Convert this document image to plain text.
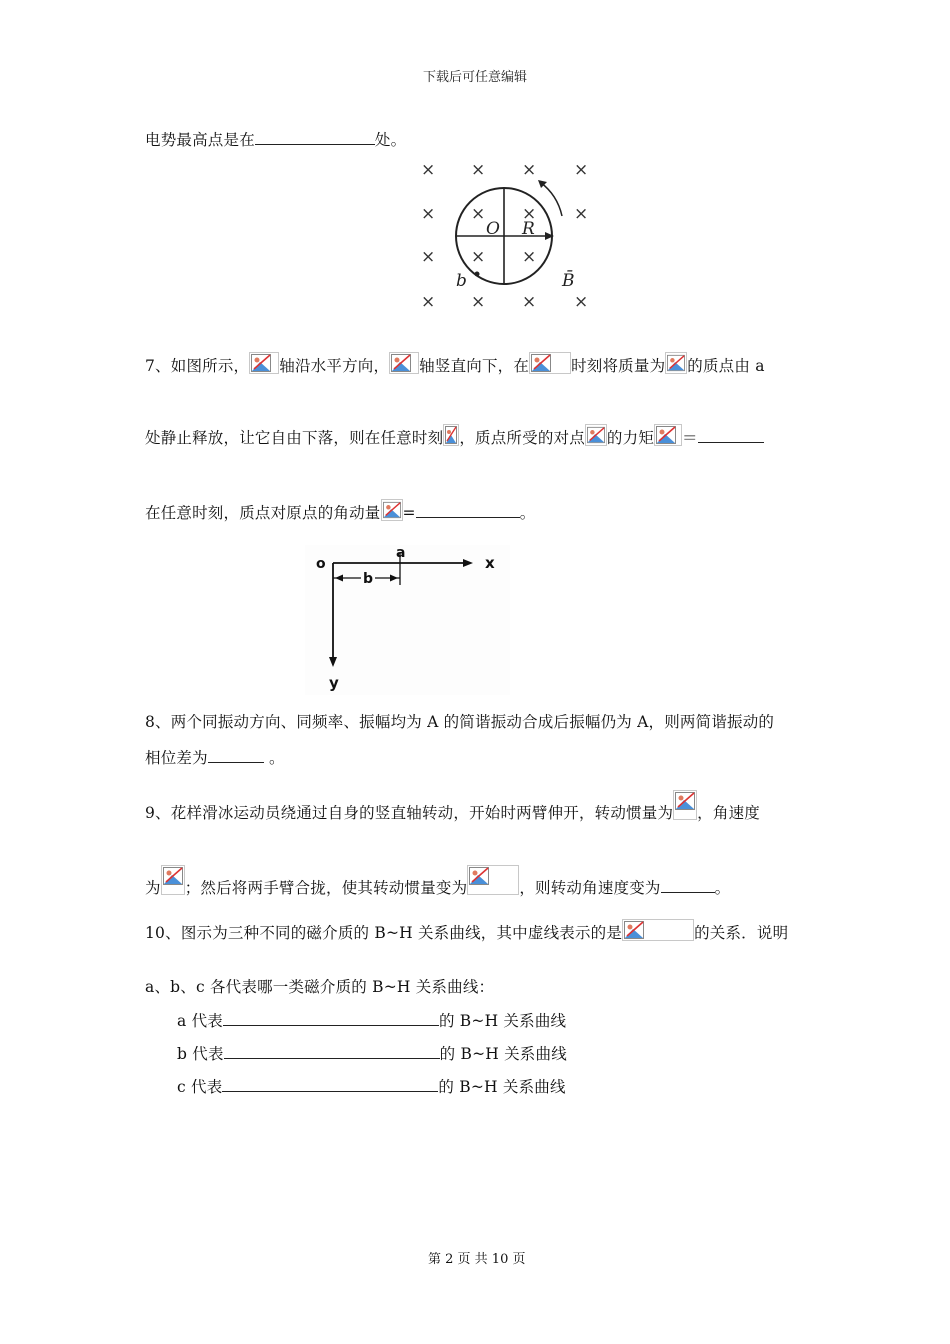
下载后可任意编辑
电势最高点是在	处。
× × × ×
× × × ×
× × ×
× × × ×
O R
b	B̄
7、如图所示， 轴沿水平方向， 轴竖直向下，在	时刻将质量为 的质点由 a
处静止释放，让它自由下落，则在任意时刻 ，质点所受的对点 的力矩 ＝
在任意时刻，质点对原点的角动量 =	。
o
a
b
x
y
8、两个同振动方向、同频率、振幅均为 A 的简谐振动合成后振幅仍为 A，则两简谐振动的
相位差为	。
9、花样滑冰运动员绕通过自身的竖直轴转动，开始时两臂伸开，转动惯量为 ，角速度
为 ；然后将两手臂合拢，使其转动惯量变为	，则转动角速度变为	。
10、图示为三种不同的磁介质的 B~H 关系曲线，其中虚线表示的是	的关系．说明
a、b、c 各代表哪一类磁介质的 B~H 关系曲线：
a 代表	的 B~H 关系曲线
b 代表	的 B~H 关系曲线
c 代表	的 B~H 关系曲线
第 2 页 共 10 页
